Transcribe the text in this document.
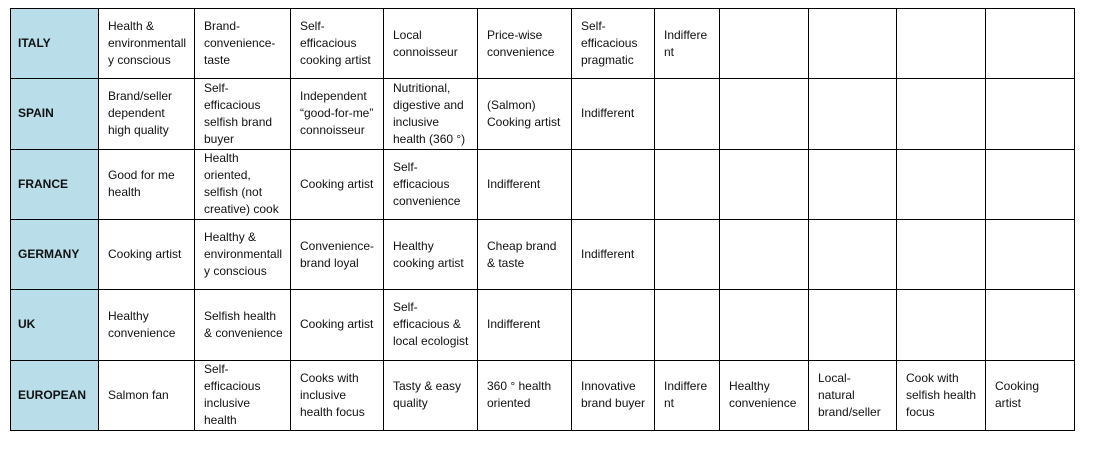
ITALY	Health & environmentally conscious	Brand-convenience-taste	Self-efficacious cooking artist	Local connoisseur	Price-wise convenience	Self-efficacious pragmatic	Indifferent				
SPAIN	Brand/seller dependent high quality	Self-efficacious selfish brand buyer	Independent “good-for-me” connoisseur	Nutritional, digestive and inclusive health (360 °)	(Salmon) Cooking artist	Indifferent					
FRANCE	Good for me health	Health oriented, selfish (not creative) cook	Cooking artist	Self-efficacious convenience	Indifferent						
GERMANY	Cooking artist	Healthy & environmentally conscious	Convenience-brand loyal	Healthy cooking artist	Cheap brand & taste	Indifferent					
UK	Healthy convenience	Selfish health & convenience	Cooking artist	Self-efficacious & local ecologist	Indifferent						
EUROPEAN	Salmon fan	Self-efficacious inclusive health	Cooks with inclusive health focus	Tasty & easy quality	360 ° health oriented	Innovative brand buyer	Indifferent	Healthy convenience	Local- natural brand/seller	Cook with selfish health focus	Cooking artist
